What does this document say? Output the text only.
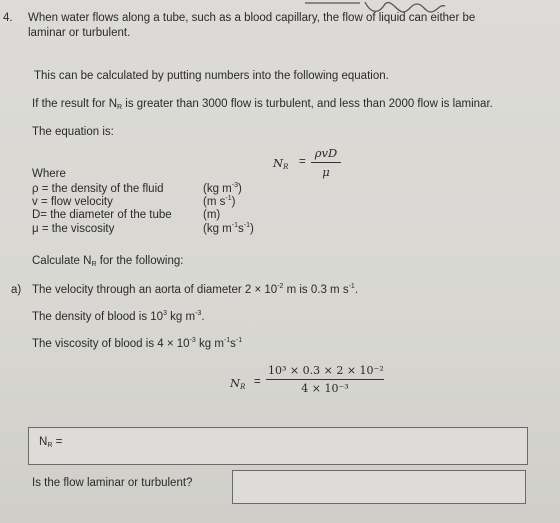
4. When water flows along a tube, such as a blood capillary, the flow of liquid can either be
laminar or turbulent.
This can be calculated by putting numbers into the following equation.
If the result for $N_R$ is greater than 3000 flow is turbulent, and less than 2000 flow is laminar.
The equation is:
$N_R$ =
ρvD
μ
Where
ρ = the density of the fluid	(kg $m^{-3}$)
v = flow velocity	(m $s^{-1}$)
D= the diameter of the tube	(m)
μ = the viscosity	(kg $m^{-1}s^{-1}$)
Calculate $N_R$ for the following:
a) The velocity through an aorta of diameter $2 \times 10^{-2}$ m is 0.3 m $s^{-1}$.
The density of blood is $10^3$ kg $m^{-3}$.
The viscosity of blood is $4 \times 10^{-3}$ kg $m^{-1}s^{-1}$
$N_R$ =
10³ × 0.3 × 2 × 10⁻²
4 × 10⁻³
$N_R$ =
Is the flow laminar or turbulent?
